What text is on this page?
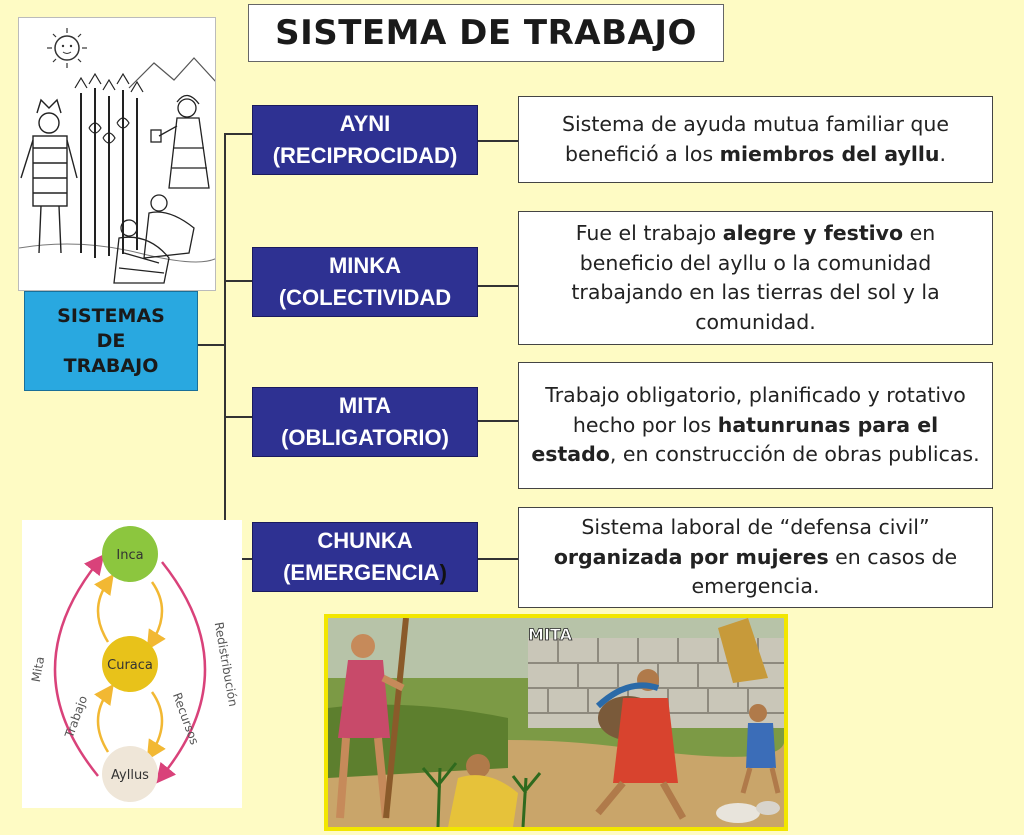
SISTEMA DE TRABAJO
SISTEMAS
DE
TRABAJO
AYNI
(RECIPROCIDAD)
MINKA
(COLECTIVIDAD
MITA
(OBLIGATORIO)
CHUNKA
(EMERGENCIA)
Sistema de ayuda mutua familiar que benefició a los miembros del ayllu.
Fue el trabajo alegre y festivo en beneficio del ayllu o la comunidad trabajando en las tierras del sol y la comunidad.
Trabajo obligatorio, planificado y rotativo hecho por los hatunrunas para el estado, en construcción de obras publicas.
Sistema laboral de “defensa civil” organizada por mujeres en casos de emergencia.
Inca
Curaca
Ayllus
Mita
Trabajo	Recursos
Redistribución	MITA
